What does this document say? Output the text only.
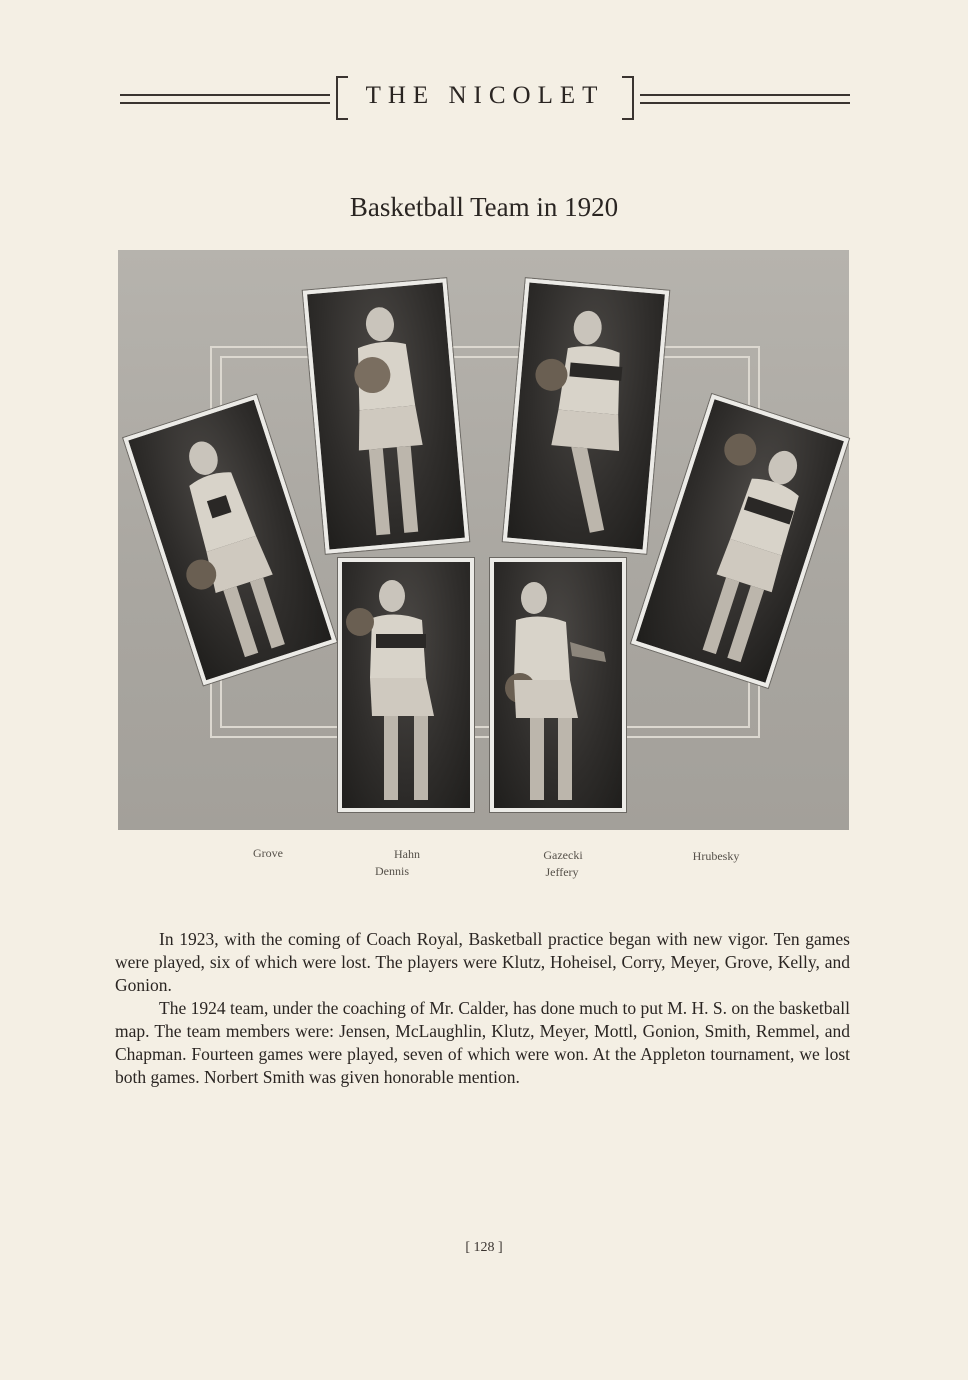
THE NICOLET
Basketball Team in 1920
Grove	Hahn
Dennis
Gazecki
Jeffery
Hrubesky

In 1923, with the coming of Coach Royal, Basketball practice began with new vigor. Ten games were played, six of which were lost. The players were Klutz, Hoheisel, Corry, Meyer, Grove, Kelly, and Gonion.

The 1924 team, under the coaching of Mr. Calder, has done much to put M. H. S. on the basketball map. The team members were: Jensen, McLaughlin, Klutz, Meyer, Mottl, Gonion, Smith, Remmel, and Chapman. Fourteen games were played, seven of which were won. At the Appleton tournament, we lost both games. Norbert Smith was given honorable mention.

[ 128 ]
